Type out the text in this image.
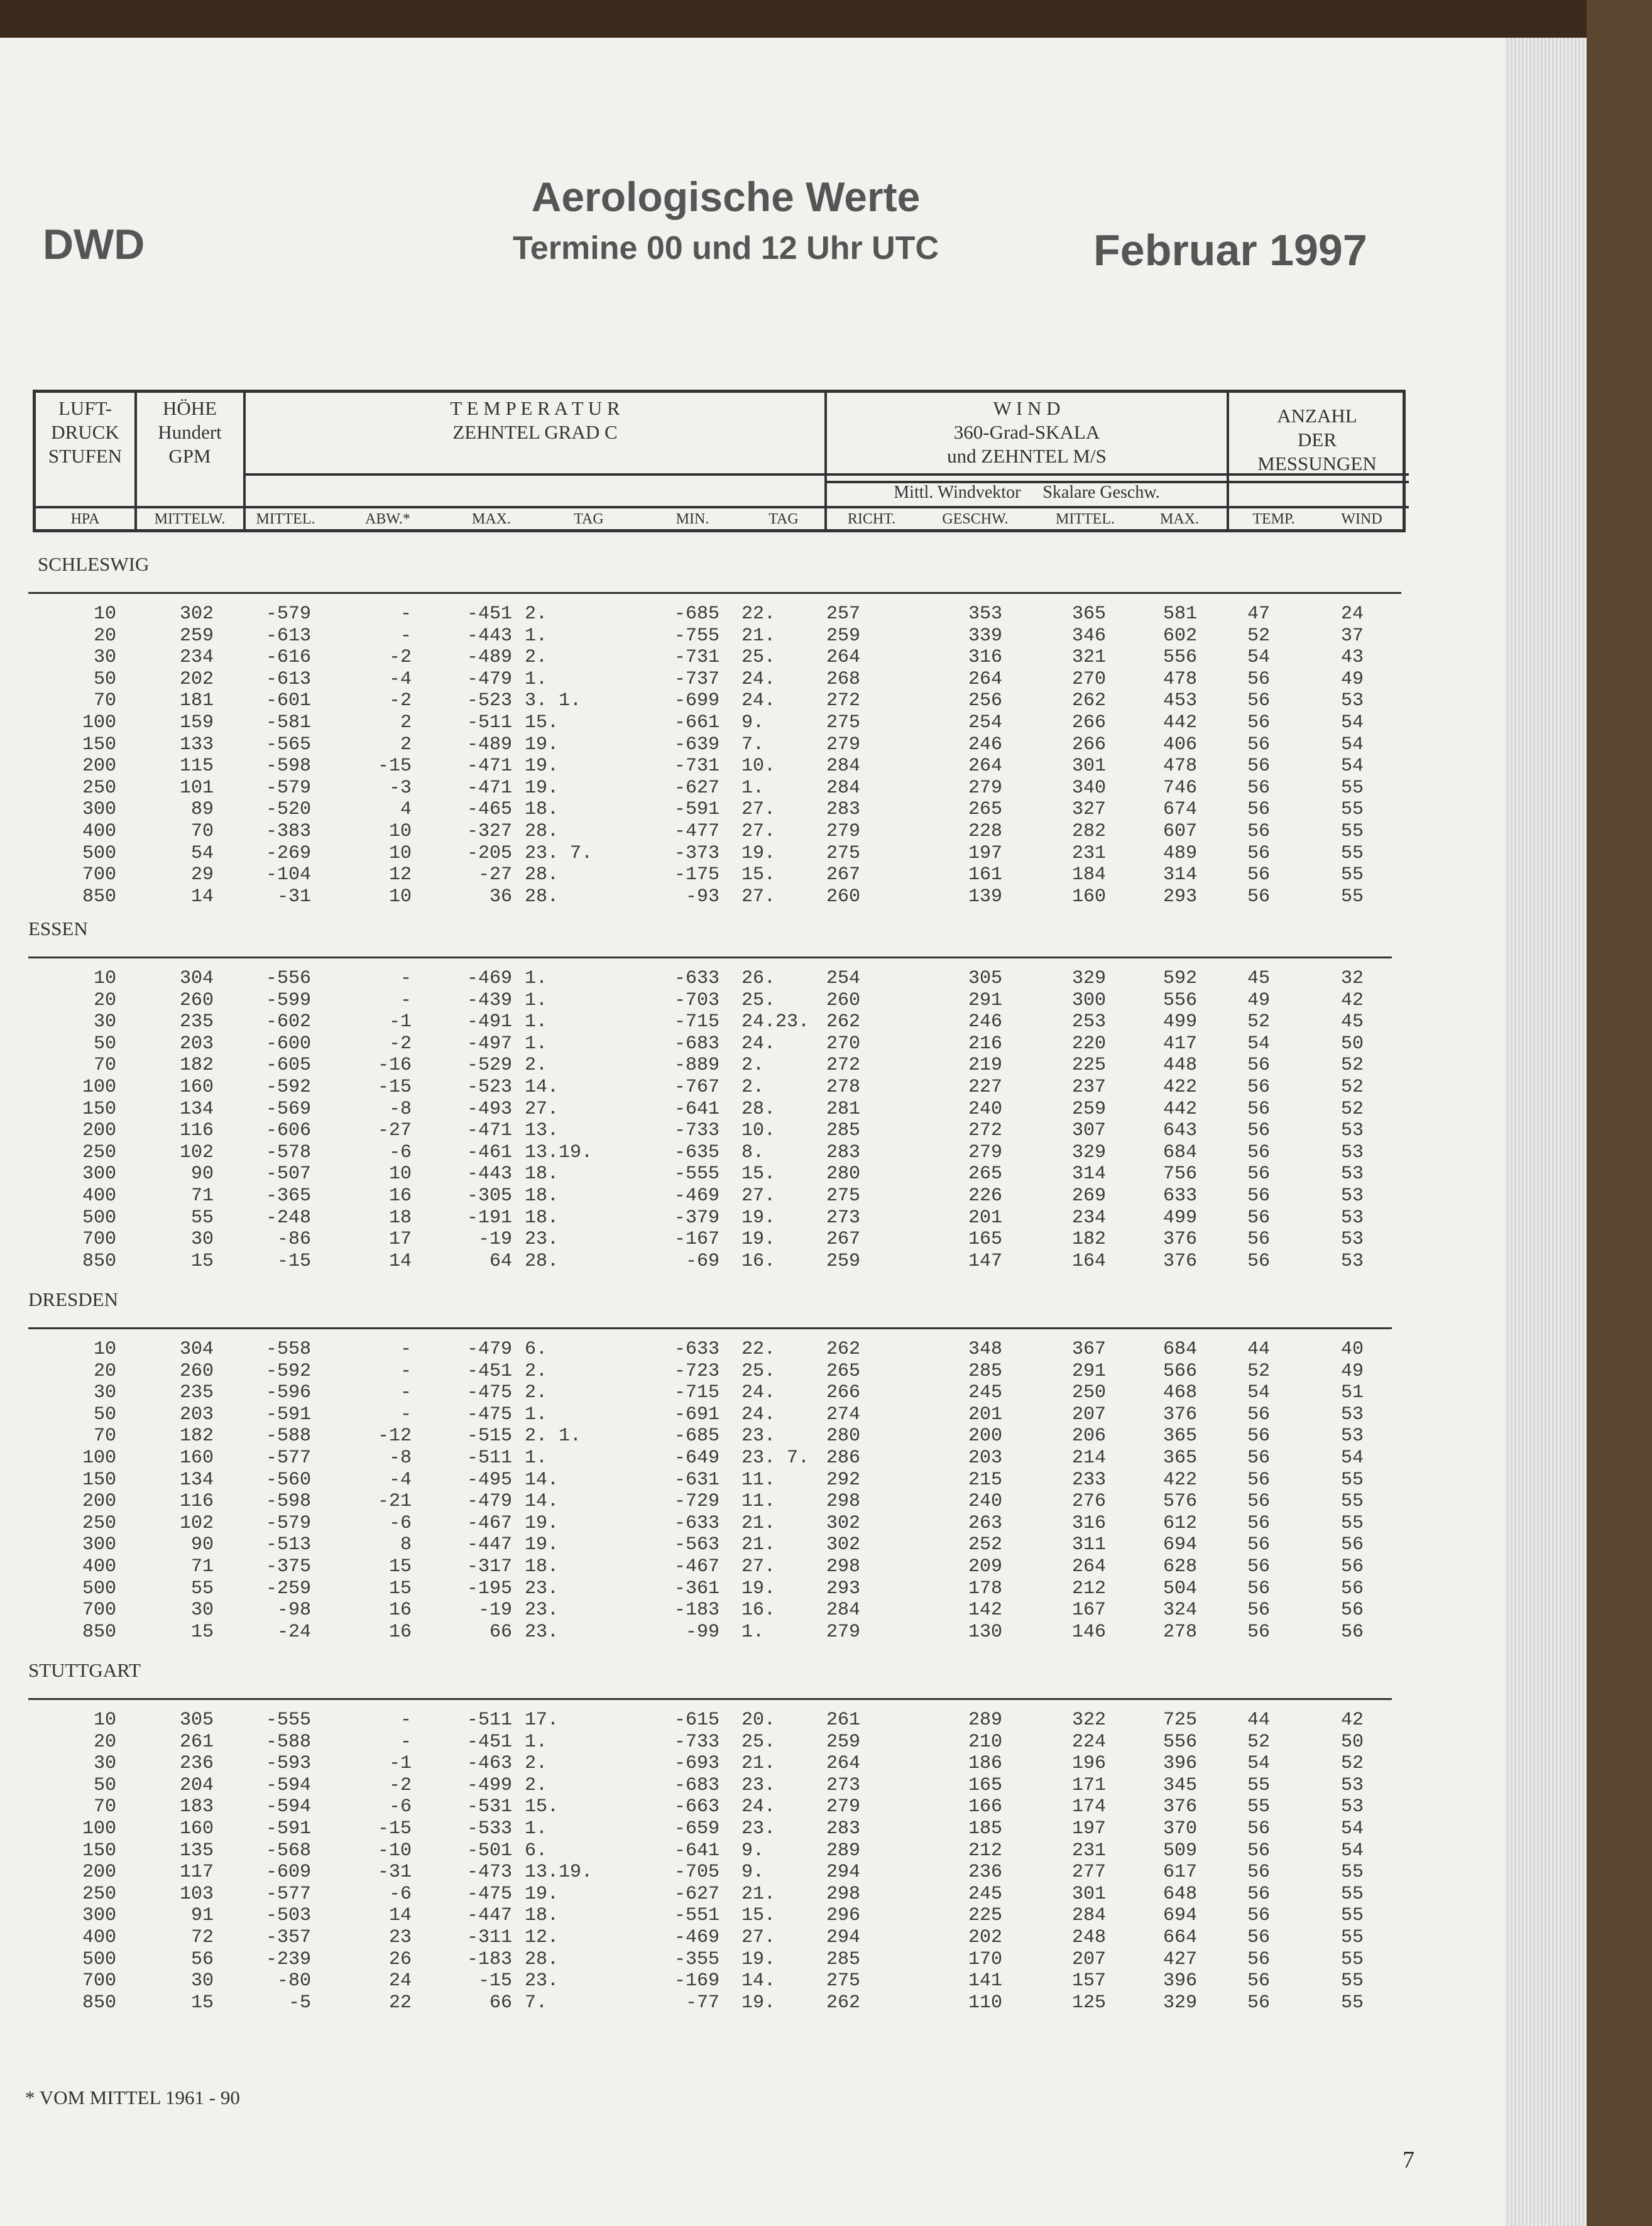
DWD
Aerologische Werte
Termine 00 und 12 Uhr UTC	Februar 1997
LUFT-
DRUCK
STUFEN
HÖHE
Hundert
GPM
T E M P E R A T U R
ZEHNTEL GRAD C
W I N D
360-Grad-SKALA
und ZEHNTEL M/S
Mittl. Windvektor Skalare Geschw.
ANZAHL
DER
MESSUNGEN
HPA	MITTELW.	MITTEL.	ABW.*	MAX.	TAG	MIN.	TAG	RICHT.	GESCHW.	MITTEL.	MAX.	TEMP.	WIND
SCHLESWIG
10	302	-579	-	-451 2.	-685 22.	257	353	365	581	47	24
20	259	-613	-	-443 1.	-755 21.	259	339	346	602	52	37
30	234	-616	-2	-489 2.	-731 25.	264	316	321	556	54	43
50	202	-613	-4	-479 1.	-737 24.	268	264	270	478	56	49
70	181	-601	-2	-523 3. 1.	-699 24.	272	256	262	453	56	53
100	159	-581	2	-511 15.	-661 9.	275	254	266	442	56	54
150	133	-565	2	-489 19.	-639 7.	279	246	266	406	56	54
200	115	-598	-15	-471 19.	-731 10.	284	264	301	478	56	54
250	101	-579	-3	-471 19.	-627 1.	284	279	340	746	56	55
300	89	-520	4	-465 18.	-591 27.	283	265	327	674	56	55
400	70	-383	10	-327 28.	-477 27.	279	228	282	607	56	55
500	54	-269	10	-205 23. 7.	-373 19.	275	197	231	489	56	55
700	29	-104	12	-27 28.	-175 15.	267	161	184	314	56	55
850	14	-31	10	36 28.	-93 27.	260	139	160	293	56	55
ESSEN
10	304	-556	-	-469 1.	-633 26.	254	305	329	592	45	32
20	260	-599	-	-439 1.	-703 25.	260	291	300	556	49	42
30	235	-602	-1	-491 1.	-715 24.23. 262	246	253	499	52	45
50	203	-600	-2	-497 1.	-683 24.	270	216	220	417	54	50
70	182	-605	-16	-529 2.	-889 2.	272	219	225	448	56	52
100	160	-592	-15	-523 14.	-767 2.	278	227	237	422	56	52
150	134	-569	-8	-493 27.	-641 28.	281	240	259	442	56	52
200	116	-606	-27	-471 13.	-733 10.	285	272	307	643	56	53
250	102	-578	-6	-461 13.19.	-635 8.	283	279	329	684	56	53
300	90	-507	10	-443 18.	-555 15.	280	265	314	756	56	53
400	71	-365	16	-305 18.	-469 27.	275	226	269	633	56	53
500	55	-248	18	-191 18.	-379 19.	273	201	234	499	56	53
700	30	-86	17	-19 23.	-167 19.	267	165	182	376	56	53
850	15	-15	14	64 28.	-69 16.	259	147	164	376	56	53
DRESDEN
10	304	-558	-	-479 6.	-633 22.	262	348	367	684	44	40
20	260	-592	-	-451 2.	-723 25.	265	285	291	566	52	49
30	235	-596	-	-475 2.	-715 24.	266	245	250	468	54	51
50	203	-591	-	-475 1.	-691 24.	274	201	207	376	56	53
70	182	-588	-12	-515 2. 1.	-685 23.	280	200	206	365	56	53
100	160	-577	-8	-511 1.	-649 23. 7. 286	203	214	365	56	54
150	134	-560	-4	-495 14.	-631 11.	292	215	233	422	56	55
200	116	-598	-21	-479 14.	-729 11.	298	240	276	576	56	55
250	102	-579	-6	-467 19.	-633 21.	302	263	316	612	56	55
300	90	-513	8	-447 19.	-563 21.	302	252	311	694	56	56
400	71	-375	15	-317 18.	-467 27.	298	209	264	628	56	56
500	55	-259	15	-195 23.	-361 19.	293	178	212	504	56	56
700	30	-98	16	-19 23.	-183 16.	284	142	167	324	56	56
850	15	-24	16	66 23.	-99 1.	279	130	146	278	56	56
STUTTGART
10	305	-555	-	-511 17.	-615 20.	261	289	322	725	44	42
20	261	-588	-	-451 1.	-733 25.	259	210	224	556	52	50
30	236	-593	-1	-463 2.	-693 21.	264	186	196	396	54	52
50	204	-594	-2	-499 2.	-683 23.	273	165	171	345	55	53
70	183	-594	-6	-531 15.	-663 24.	279	166	174	376	55	53
100	160	-591	-15	-533 1.	-659 23.	283	185	197	370	56	54
150	135	-568	-10	-501 6.	-641 9.	289	212	231	509	56	54
200	117	-609	-31	-473 13.19.	-705 9.	294	236	277	617	56	55
250	103	-577	-6	-475 19.	-627 21.	298	245	301	648	56	55
300	91	-503	14	-447 18.	-551 15.	296	225	284	694	56	55
400	72	-357	23	-311 12.	-469 27.	294	202	248	664	56	55
500	56	-239	26	-183 28.	-355 19.	285	170	207	427	56	55
700	30	-80	24	-15 23.	-169 14.	275	141	157	396	56	55
850	15	-5	22	66 7.	-77 19.	262	110	125	329	56	55
* VOM MITTEL 1961 - 90
7
